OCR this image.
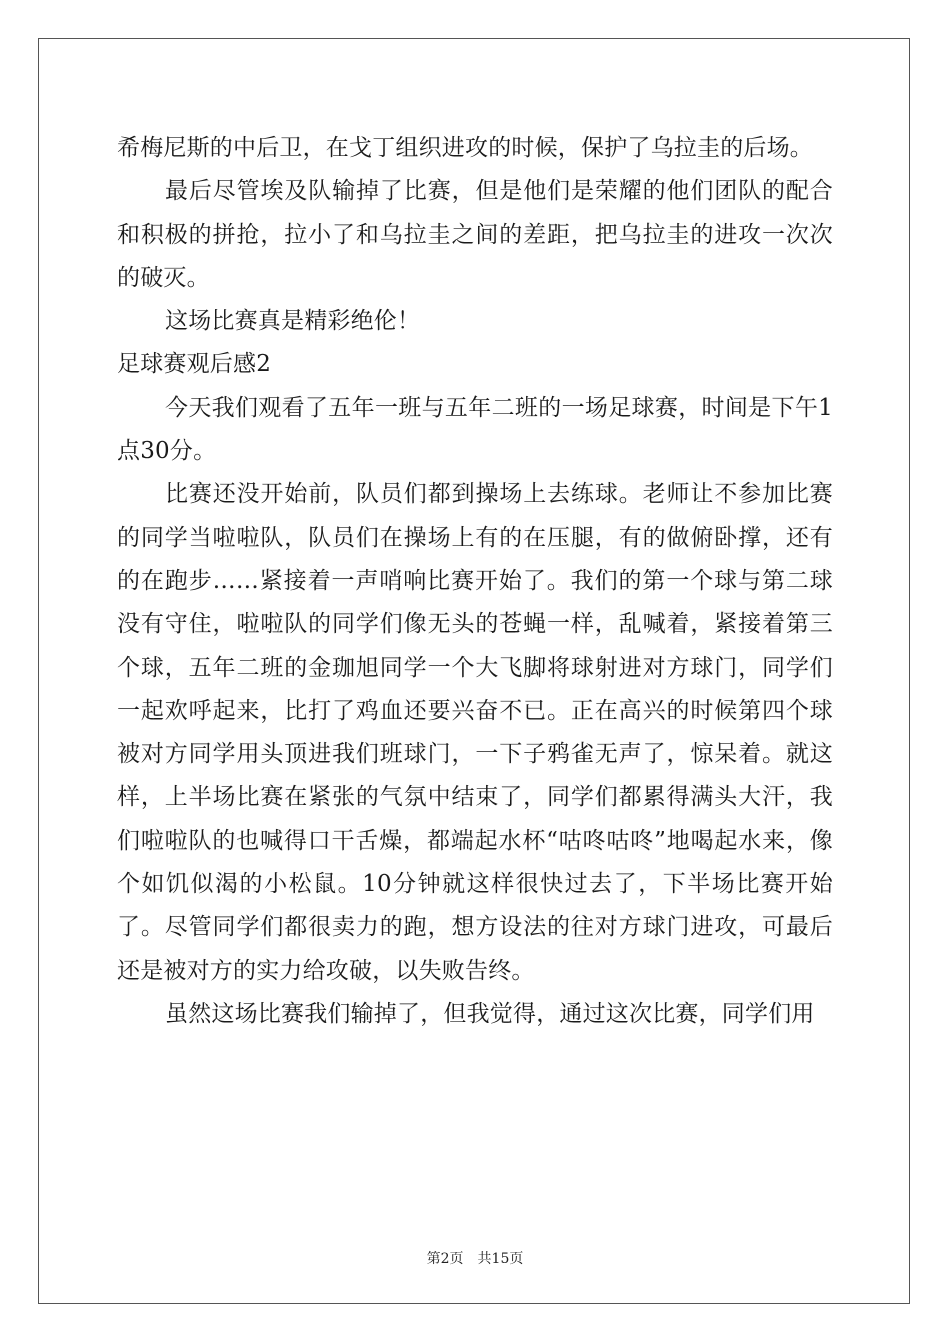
希梅尼斯的中后卫，在戈丁组织进攻的时候，保护了乌拉圭的后场。

最后尽管埃及队输掉了比赛，但是他们是荣耀的他们团队的配合和积极的拼抢，拉小了和乌拉圭之间的差距，把乌拉圭的进攻一次次的破灭。

这场比赛真是精彩绝伦！

足球赛观后感2

今天我们观看了五年一班与五年二班的一场足球赛，时间是下午1点30分。

比赛还没开始前，队员们都到操场上去练球。老师让不参加比赛的同学当啦啦队，队员们在操场上有的在压腿，有的做俯卧撑，还有的在跑步……紧接着一声哨响比赛开始了。我们的第一个球与第二球没有守住，啦啦队的同学们像无头的苍蝇一样，乱喊着，紧接着第三个球，五年二班的金珈旭同学一个大飞脚将球射进对方球门，同学们一起欢呼起来，比打了鸡血还要兴奋不已。正在高兴的时候第四个球被对方同学用头顶进我们班球门，一下子鸦雀无声了，惊呆着。就这样，上半场比赛在紧张的气氛中结束了，同学们都累得满头大汗，我们啦啦队的也喊得口干舌燥，都端起水杯“咕咚咕咚”地喝起水来，像个如饥似渴的小松鼠。10分钟就这样很快过去了，下半场比赛开始了。尽管同学们都很卖力的跑，想方设法的往对方球门进攻，可最后还是被对方的实力给攻破，以失败告终。

虽然这场比赛我们输掉了，但我觉得，通过这次比赛，同学们用

第2页　共15页
